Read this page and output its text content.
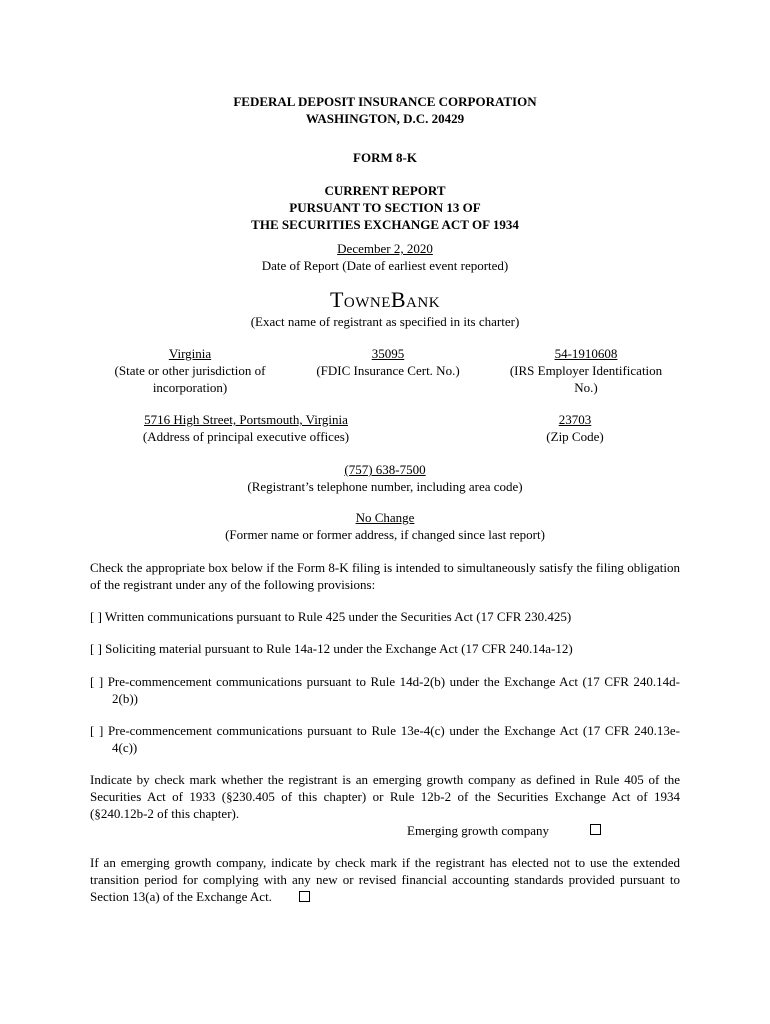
FEDERAL DEPOSIT INSURANCE CORPORATION
WASHINGTON, D.C. 20429
FORM 8-K
CURRENT REPORT
PURSUANT TO SECTION 13 OF
THE SECURITIES EXCHANGE ACT OF 1934
December 2, 2020
Date of Report (Date of earliest event reported)
TowneBank
(Exact name of registrant as specified in its charter)
Virginia
(State or other jurisdiction of
incorporation)
35095
(FDIC Insurance Cert. No.)
54-1910608
(IRS Employer Identification
No.)
5716 High Street, Portsmouth, Virginia
(Address of principal executive offices)
23703
(Zip Code)
(757) 638-7500
(Registrant’s telephone number, including area code)
No Change
(Former name or former address, if changed since last report)
Check the appropriate box below if the Form 8-K filing is intended to simultaneously satisfy the filing obligation of the registrant under any of the following provisions:
[ ] Written communications pursuant to Rule 425 under the Securities Act (17 CFR 230.425)
[ ] Soliciting material pursuant to Rule 14a-12 under the Exchange Act (17 CFR 240.14a-12)
[ ] Pre-commencement communications pursuant to Rule 14d-2(b) under the Exchange Act (17 CFR 240.14d-2(b))
[ ] Pre-commencement communications pursuant to Rule 13e-4(c) under the Exchange Act (17 CFR 240.13e-4(c))
Indicate by check mark whether the registrant is an emerging growth company as defined in Rule 405 of the Securities Act of 1933 (§230.405 of this chapter) or Rule 12b-2 of the Securities Exchange Act of 1934 (§240.12b-2 of this chapter).
Emerging growth company
If an emerging growth company, indicate by check mark if the registrant has elected not to use the extended transition period for complying with any new or revised financial accounting standards provided pursuant to Section 13(a) of the Exchange Act.
